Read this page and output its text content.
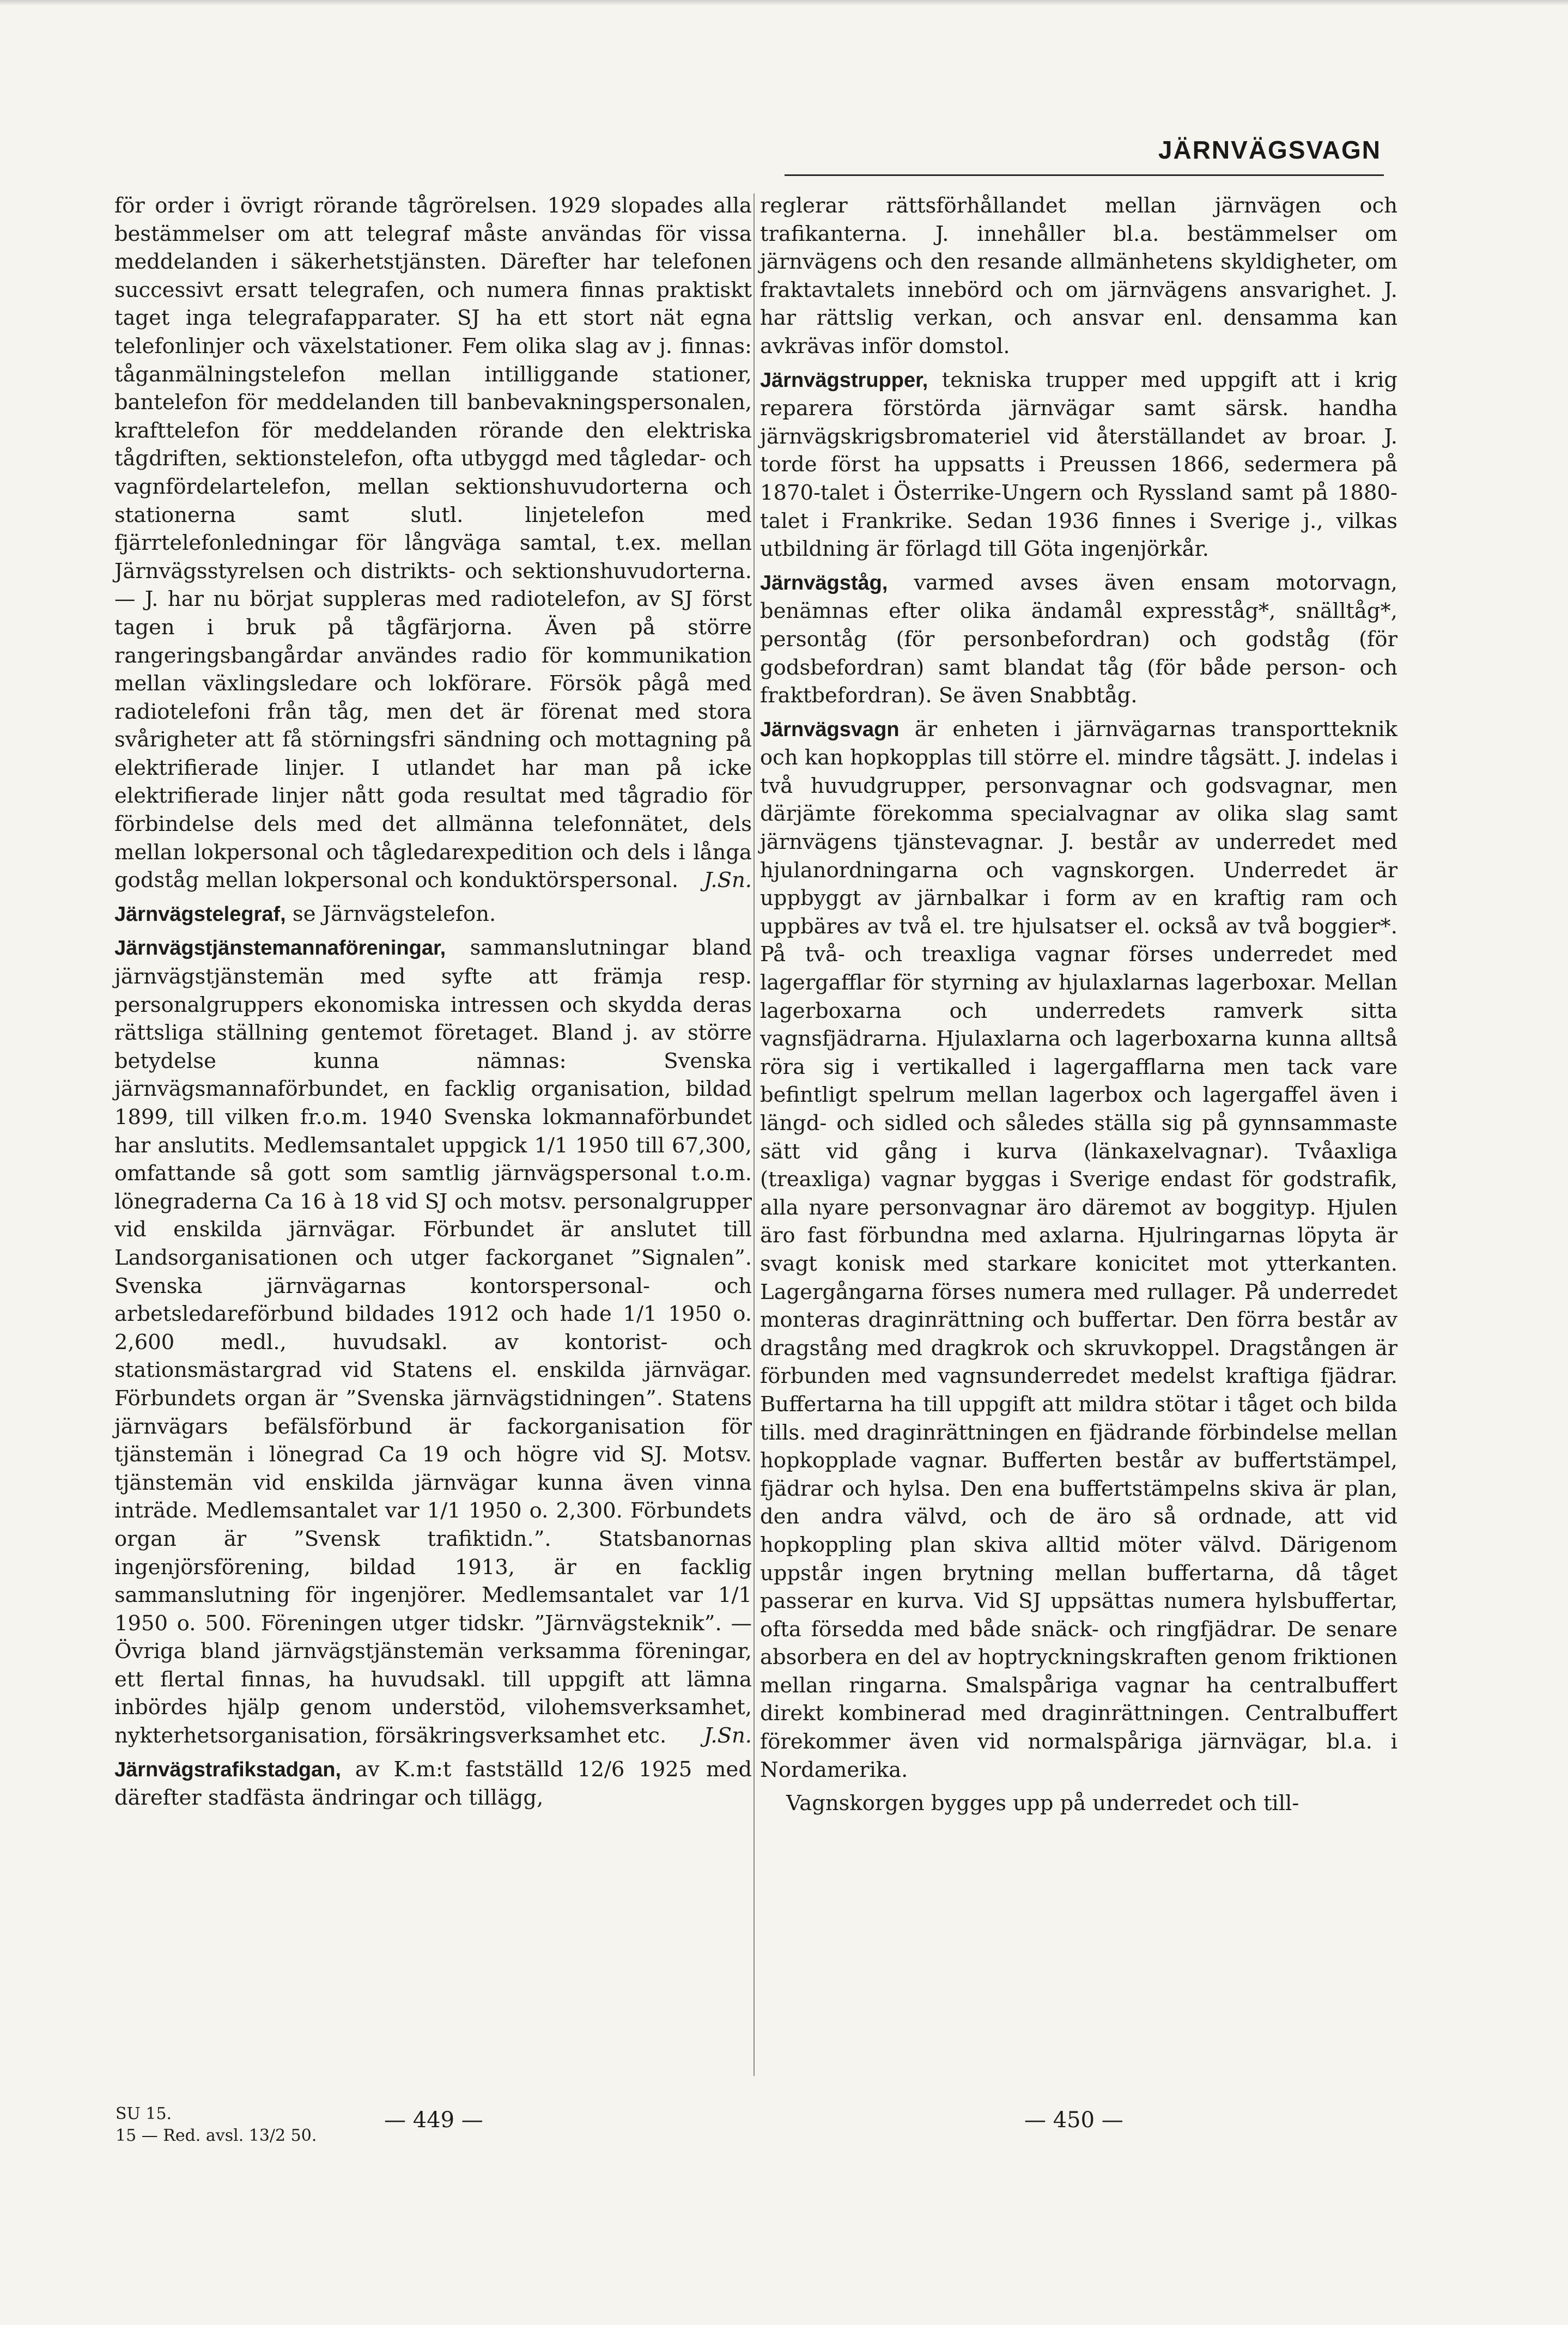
JÄRNVÄGSVAGN

för order i övrigt rörande tågrörelsen. 1929 slopades alla bestämmelser om att telegraf måste användas för vissa meddelanden i säkerhetstjänsten. Därefter har telefonen successivt ersatt telegrafen, och numera finnas praktiskt taget inga telegrafapparater. SJ ha ett stort nät egna telefonlinjer och växelstationer. Fem olika slag av j. finnas: tåganmälningstelefon mellan intilliggande stationer, bantelefon för meddelanden till banbevakningspersonalen, krafttelefon för meddelanden rörande den elektriska tågdriften, sektionstelefon, ofta utbyggd med tågledar- och vagnfördelartelefon, mellan sektionshuvudorterna och stationerna samt slutl. linjetelefon med fjärrtelefonledningar för långväga samtal, t.ex. mellan Järnvägsstyrelsen och distrikts- och sektionshuvudorterna. — J. har nu börjat suppleras med radiotelefon, av SJ först tagen i bruk på tågfärjorna. Även på större rangeringsbangårdar användes radio för kommunikation mellan växlingsledare och lokförare. Försök pågå med radiotelefoni från tåg, men det är förenat med stora svårigheter att få störningsfri sändning och mottagning på elektrifierade linjer. I utlandet har man på icke elektrifierade linjer nått goda resultat med tågradio för förbindelse dels med det allmänna telefonnätet, dels mellan lokpersonal och tågledarexpedition och dels i långa godståg mellan lokpersonal och konduktörspersonal. J.Sn.

Järnvägstelegraf, se Järnvägstelefon.

Järnvägstjänstemannaföreningar, sammanslutningar bland järnvägstjänstemän med syfte att främja resp. personalgruppers ekonomiska intressen och skydda deras rättsliga ställning gentemot företaget. Bland j. av större betydelse kunna nämnas: Svenska järnvägsmannaförbundet, en facklig organisation, bildad 1899, till vilken fr.o.m. 1940 Svenska lokmannaförbundet har anslutits. Medlemsantalet uppgick 1/1 1950 till 67,300, omfattande så gott som samtlig järnvägspersonal t.o.m. lönegraderna Ca 16 à 18 vid SJ och motsv. personalgrupper vid enskilda järnvägar. Förbundet är anslutet till Landsorganisationen och utger fackorganet ”Signalen”. Svenska järnvägarnas kontorspersonal- och arbetsledareförbund bildades 1912 och hade 1/1 1950 o. 2,600 medl., huvudsakl. av kontorist- och stationsmästargrad vid Statens el. enskilda järnvägar. Förbundets organ är ”Svenska järnvägstidningen”. Statens järnvägars befälsförbund är fackorganisation för tjänstemän i lönegrad Ca 19 och högre vid SJ. Motsv. tjänstemän vid enskilda järnvägar kunna även vinna inträde. Medlemsantalet var 1/1 1950 o. 2,300. Förbundets organ är ”Svensk trafiktidn.”. Statsbanornas ingenjörsförening, bildad 1913, är en facklig sammanslutning för ingenjörer. Medlemsantalet var 1/1 1950 o. 500. Föreningen utger tidskr. ”Järnvägsteknik”. — Övriga bland järnvägstjänstemän verksamma föreningar, ett flertal finnas, ha huvudsakl. till uppgift att lämna inbördes hjälp genom understöd, vilohemsverksamhet, nykterhetsorganisation, försäkringsverksamhet etc. J.Sn.

Järnvägstrafikstadgan, av K.m:t fastställd 12/6 1925 med därefter stadfästa ändringar och tillägg,

reglerar rättsförhållandet mellan järnvägen och trafikanterna. J. innehåller bl.a. bestämmelser om järnvägens och den resande allmänhetens skyldigheter, om fraktavtalets innebörd och om järnvägens ansvarighet. J. har rättslig verkan, och ansvar enl. densamma kan avkrävas inför domstol.

Järnvägstrupper, tekniska trupper med uppgift att i krig reparera förstörda järnvägar samt särsk. handha järnvägskrigsbromateriel vid återställandet av broar. J. torde först ha uppsatts i Preussen 1866, sedermera på 1870-talet i Österrike-Ungern och Ryssland samt på 1880-talet i Frankrike. Sedan 1936 finnes i Sverige j., vilkas utbildning är förlagd till Göta ingenjörkår.

Järnvägståg, varmed avses även ensam motorvagn, benämnas efter olika ändamål expresståg*, snälltåg*, persontåg (för personbefordran) och godståg (för godsbefordran) samt blandat tåg (för både person- och fraktbefordran). Se även Snabbtåg.

Järnvägsvagn är enheten i järnvägarnas transportteknik och kan hopkopplas till större el. mindre tågsätt. J. indelas i två huvudgrupper, personvagnar och godsvagnar, men därjämte förekomma specialvagnar av olika slag samt järnvägens tjänstevagnar. J. består av underredet med hjulanordningarna och vagnskorgen. Underredet är uppbyggt av järnbalkar i form av en kraftig ram och uppbäres av två el. tre hjulsatser el. också av två boggier*. På två- och treaxliga vagnar förses underredet med lagergafflar för styrning av hjulaxlarnas lagerboxar. Mellan lagerboxarna och underredets ramverk sitta vagnsfjädrarna. Hjulaxlarna och lagerboxarna kunna alltså röra sig i vertikalled i lagergafflarna men tack vare befintligt spelrum mellan lagerbox och lagergaffel även i längd- och sidled och således ställa sig på gynnsammaste sätt vid gång i kurva (länkaxelvagnar). Tvåaxliga (treaxliga) vagnar byggas i Sverige endast för godstrafik, alla nyare personvagnar äro däremot av boggityp. Hjulen äro fast förbundna med axlarna. Hjulringarnas löpyta är svagt konisk med starkare konicitet mot ytterkanten. Lagergångarna förses numera med rullager. På underredet monteras draginrättning och buffertar. Den förra består av dragstång med dragkrok och skruvkoppel. Dragstången är förbunden med vagnsunderredet medelst kraftiga fjädrar. Buffertarna ha till uppgift att mildra stötar i tåget och bilda tills. med draginrättningen en fjädrande förbindelse mellan hopkopplade vagnar. Bufferten består av buffertstämpel, fjädrar och hylsa. Den ena buffertstämpelns skiva är plan, den andra välvd, och de äro så ordnade, att vid hopkoppling plan skiva alltid möter välvd. Därigenom uppstår ingen brytning mellan buffertarna, då tåget passerar en kurva. Vid SJ uppsättas numera hylsbuffertar, ofta försedda med både snäck- och ringfjädrar. De senare absorbera en del av hoptryckningskraften genom friktionen mellan ringarna. Smalspåriga vagnar ha centralbuffert direkt kombinerad med draginrättningen. Centralbuffert förekommer även vid normalspåriga järnvägar, bl.a. i Nordamerika.

Vagnskorgen bygges upp på underredet och till-

SU 15.
15 — Red. avsl. 13/2 50.
— 449 —	— 450 —
